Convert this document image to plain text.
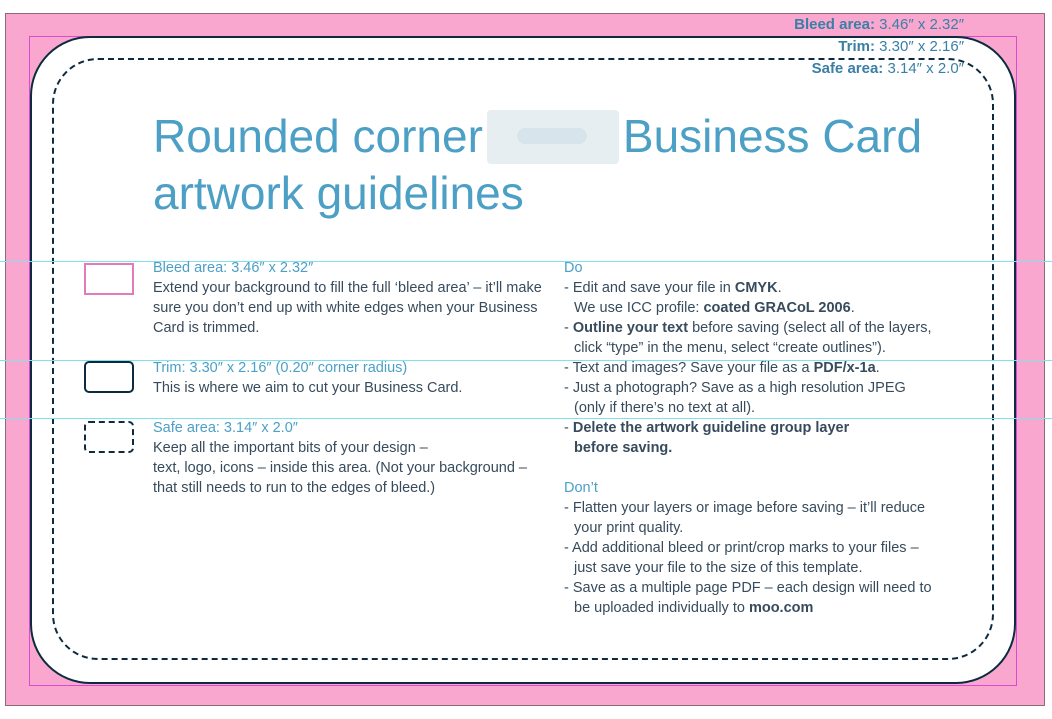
Bleed area: 3.46″ x 2.32″
Trim: 3.30″ x 2.16″
Safe area: 3.14″ x 2.0″
Rounded corner	Business Card
artwork guidelines
Bleed area: 3.46″ x 2.32″
Extend your background to fill the full ‘bleed area’ – it’ll make sure you don’t end up with white edges when your Business Card is trimmed.
Trim: 3.30″ x 2.16″ (0.20″ corner radius)
This is where we aim to cut your Business Card.
Safe area: 3.14″ x 2.0″
Keep all the important bits of your design –
text, logo, icons – inside this area. (Not your background –
that still needs to run to the edges of bleed.)
Do
- Edit and save your file in CMYK.
We use ICC profile: coated GRACoL 2006.
- Outline your text before saving (select all of the layers,
click “type” in the menu, select “create outlines”).
- Text and images? Save your file as a PDF/x-1a.
- Just a photograph? Save as a high resolution JPEG
(only if there’s no text at all).
- Delete the artwork guideline group layer
before saving.
Don’t
- Flatten your layers or image before saving – it’ll reduce
your print quality.
- Add additional bleed or print/crop marks to your files –
just save your file to the size of this template.
- Save as a multiple page PDF – each design will need to
be uploaded individually to moo.com
